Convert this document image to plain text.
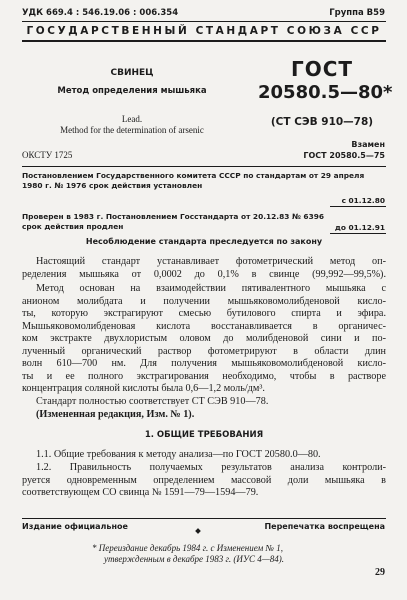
УДК 669.4 : 546.19.06 : 006.354	Группа B59
ГОСУДАРСТВЕННЫЙ СТАНДАРТ СОЮЗА ССР
СВИНЕЦ
Метод определения мышьяка
Lead.
Method for the determination of arsenic
ОКСТУ 1725
ГОСТ
20580.5—80*
(СТ СЭВ 910—78)
Взамен
ГОСТ 20580.5—75
Постановлением Государственного комитета СССР по стандартам от 29 апреля
1980 г. № 1976 срок действия установлен
с 01.12.80
Проверен в 1983 г. Постановлением Госстандарта от 20.12.83 № 6396
срок действия продлен	до 01.12.91
Несоблюдение стандарта преследуется по закону
Настоящий стандарт устанавливает фотометрический метод оп-
ределения мышьяка от 0,0002 до 0,1% в свинце (99,992—99,5%).
Метод основан на взаимодействии пятивалентного мышьяка с
анионом молибдата и получении мышьяковомолибденовой кисло-
ты, которую экстрагируют смесью бутилового спирта и эфира.
Мышьяковомолибденовая кислота восстанавливается в органичес-
ком экстракте двухлористым оловом до молибденовой сини и по-
лученный органический раствор фотометрируют в области длин
волн 610—700 нм. Для получения мышьяковомолибденовой кисло-
ты и ее полного экстрагирования необходимо, чтобы в растворе
концентрация соляной кислоты была 0,6—1,2 моль/дм³.
Стандарт полностью соответствует СТ СЭВ 910—78.
(Измененная редакция, Изм. № 1).
1. ОБЩИЕ ТРЕБОВАНИЯ
1.1. Общие требования к методу анализа—по ГОСТ 20580.0—80.
1.2. Правильность получаемых результатов анализа контроли-
руется одновременным определением массовой доли мышьяка в
соответствующем СО свинца № 1591—79—1594—79.
Издание официальное	Перепечатка воспрещена
* Переиздание декабрь 1984 г. с Изменением № 1,
утвержденным в декабре 1983 г. (ИУС 4—84).
29
